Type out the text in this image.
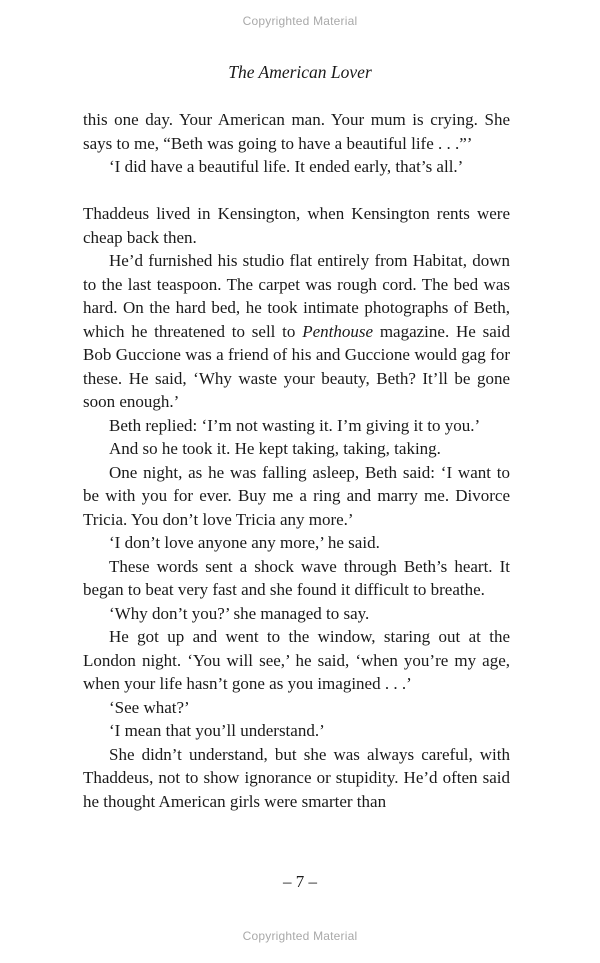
Copyrighted Material
The American Lover

this one day. Your American man. Your mum is crying. She says to me, “Beth was going to have a beautiful life . . .”’

‘I did have a beautiful life. It ended early, that’s all.’

Thaddeus lived in Kensington, when Kensington rents were cheap back then.

He’d furnished his studio flat entirely from Habitat, down to the last teaspoon. The carpet was rough cord. The bed was hard. On the hard bed, he took intimate photographs of Beth, which he threatened to sell to Penthouse magazine. He said Bob Guccione was a friend of his and Guccione would gag for these. He said, ‘Why waste your beauty, Beth? It’ll be gone soon enough.’

Beth replied: ‘I’m not wasting it. I’m giving it to you.’

And so he took it. He kept taking, taking, taking.

One night, as he was falling asleep, Beth said: ‘I want to be with you for ever. Buy me a ring and marry me. Divorce Tricia. You don’t love Tricia any more.’

‘I don’t love anyone any more,’ he said.

These words sent a shock wave through Beth’s heart. It began to beat very fast and she found it difficult to breathe.

‘Why don’t you?’ she managed to say.

He got up and went to the window, staring out at the London night. ‘You will see,’ he said, ‘when you’re my age, when your life hasn’t gone as you imagined . . .’

‘See what?’

‘I mean that you’ll understand.’

She didn’t understand, but she was always careful, with Thaddeus, not to show ignorance or stupidity. He’d often said he thought American girls were smarter than

– 7 –
Copyrighted Material
